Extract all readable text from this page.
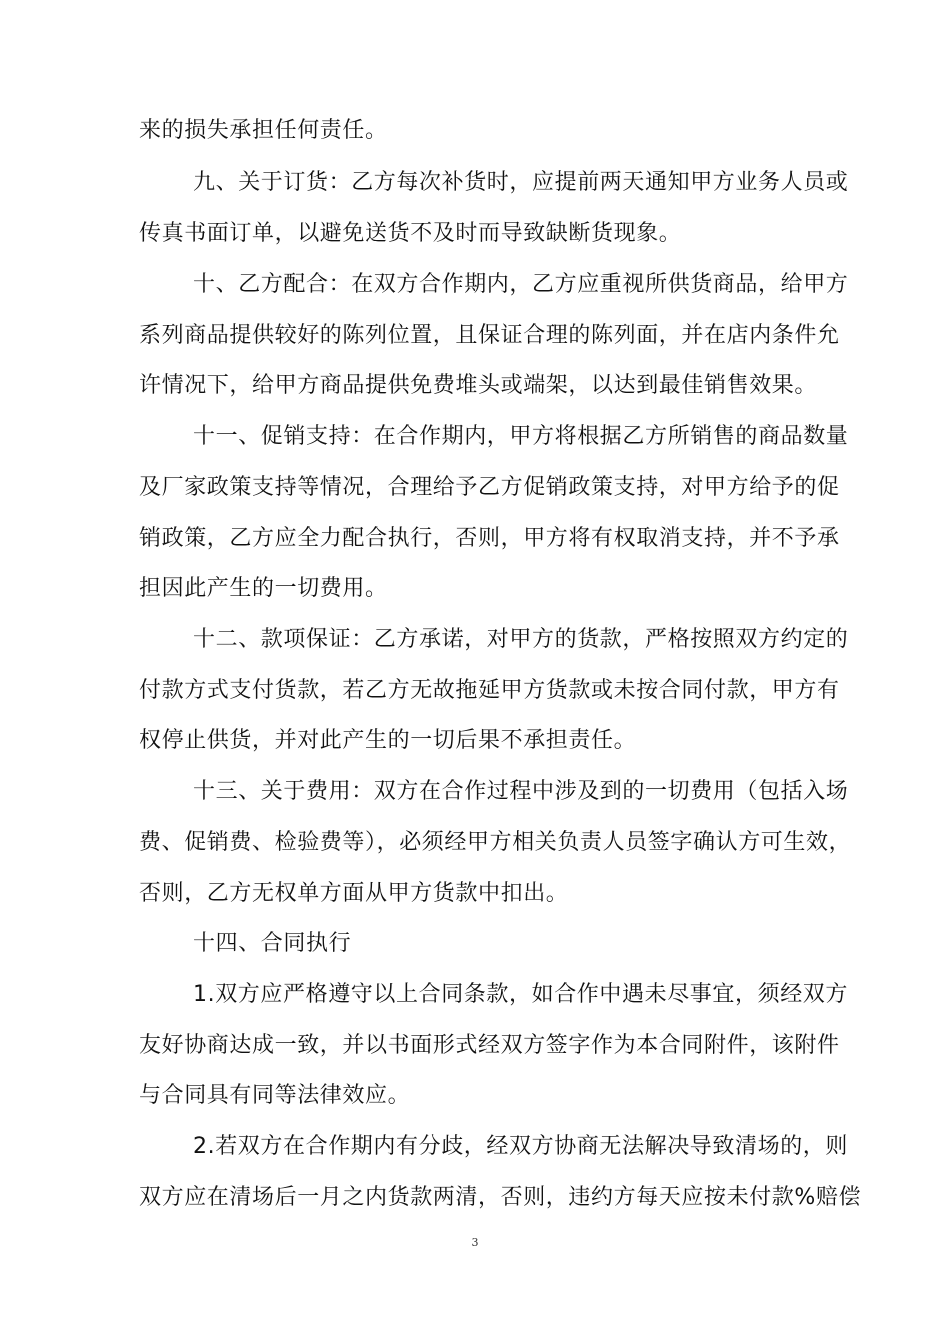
来的损失承担任何责任。
九、关于订货：乙方每次补货时，应提前两天通知甲方业务人员或
传真书面订单，以避免送货不及时而导致缺断货现象。
十、乙方配合：在双方合作期内，乙方应重视所供货商品，给甲方
系列商品提供较好的陈列位置，且保证合理的陈列面，并在店内条件允
许情况下，给甲方商品提供免费堆头或端架，以达到最佳销售效果。
十一、促销支持：在合作期内，甲方将根据乙方所销售的商品数量
及厂家政策支持等情况，合理给予乙方促销政策支持，对甲方给予的促
销政策，乙方应全力配合执行，否则，甲方将有权取消支持，并不予承
担因此产生的一切费用。
十二、款项保证：乙方承诺，对甲方的货款，严格按照双方约定的
付款方式支付货款，若乙方无故拖延甲方货款或未按合同付款，甲方有
权停止供货，并对此产生的一切后果不承担责任。
十三、关于费用：双方在合作过程中涉及到的一切费用（包括入场
费、促销费、检验费等），必须经甲方相关负责人员签字确认方可生效，
否则，乙方无权单方面从甲方货款中扣出。
十四、合同执行
1.双方应严格遵守以上合同条款，如合作中遇未尽事宜，须经双方
友好协商达成一致，并以书面形式经双方签字作为本合同附件，该附件
与合同具有同等法律效应。
2.若双方在合作期内有分歧，经双方协商无法解决导致清场的，则
双方应在清场后一月之内货款两清，否则，违约方每天应按未付款%赔偿
3
